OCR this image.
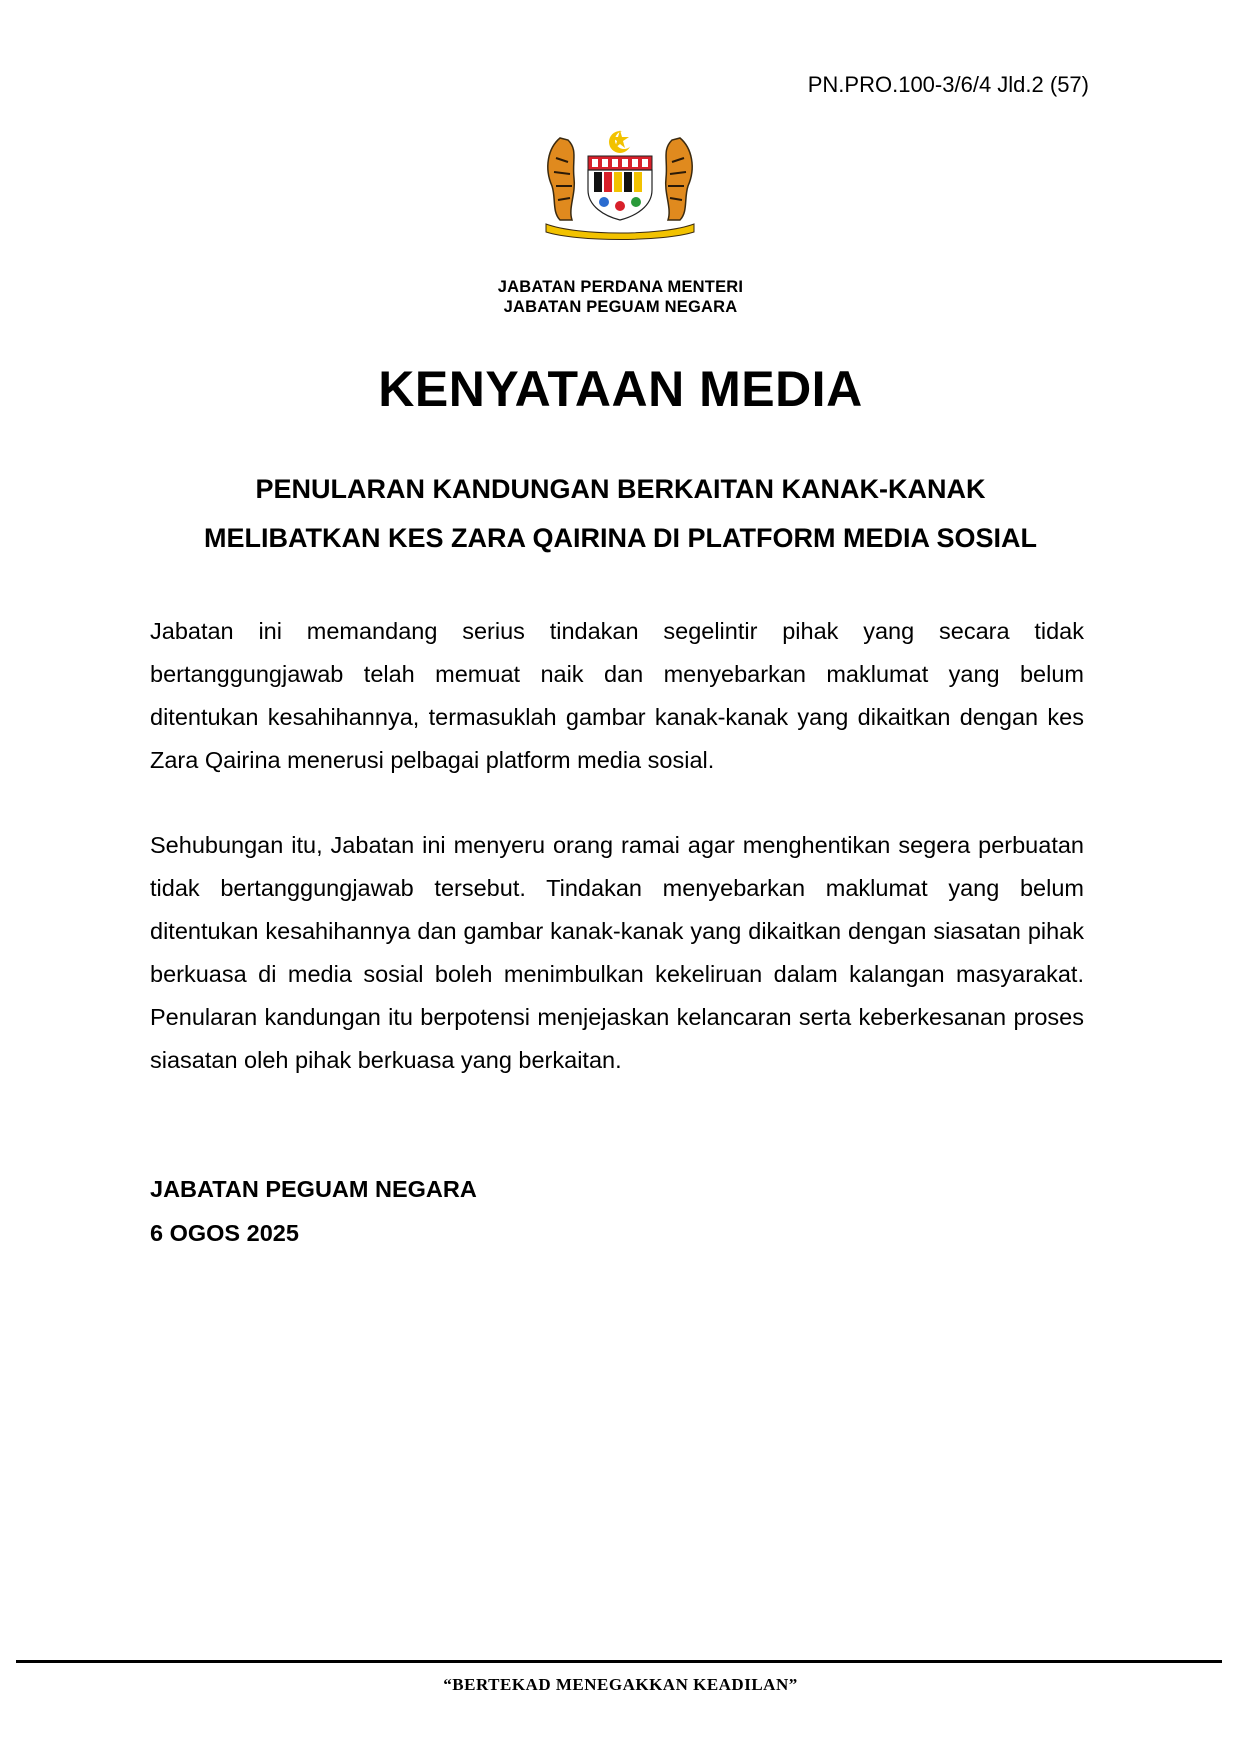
PN.PRO.100-3/6/4 Jld.2 (57)
JABATAN PERDANA MENTERI
JABATAN PEGUAM NEGARA
KENYATAAN MEDIA
PENULARAN KANDUNGAN BERKAITAN KANAK-KANAK
MELIBATKAN KES ZARA QAIRINA DI PLATFORM MEDIA SOSIAL

Jabatan ini memandang serius tindakan segelintir pihak yang secara tidak bertanggungjawab telah memuat naik dan menyebarkan maklumat yang belum ditentukan kesahihannya, termasuklah gambar kanak-kanak yang dikaitkan dengan kes Zara Qairina menerusi pelbagai platform media sosial.

Sehubungan itu, Jabatan ini menyeru orang ramai agar menghentikan segera perbuatan tidak bertanggungjawab tersebut. Tindakan menyebarkan maklumat yang belum ditentukan kesahihannya dan gambar kanak-kanak yang dikaitkan dengan siasatan pihak berkuasa di media sosial boleh menimbulkan kekeliruan dalam kalangan masyarakat. Penularan kandungan itu berpotensi menjejaskan kelancaran serta keberkesanan proses siasatan oleh pihak berkuasa yang berkaitan.

JABATAN PEGUAM NEGARA
6 OGOS 2025
“BERTEKAD MENEGAKKAN KEADILAN”
